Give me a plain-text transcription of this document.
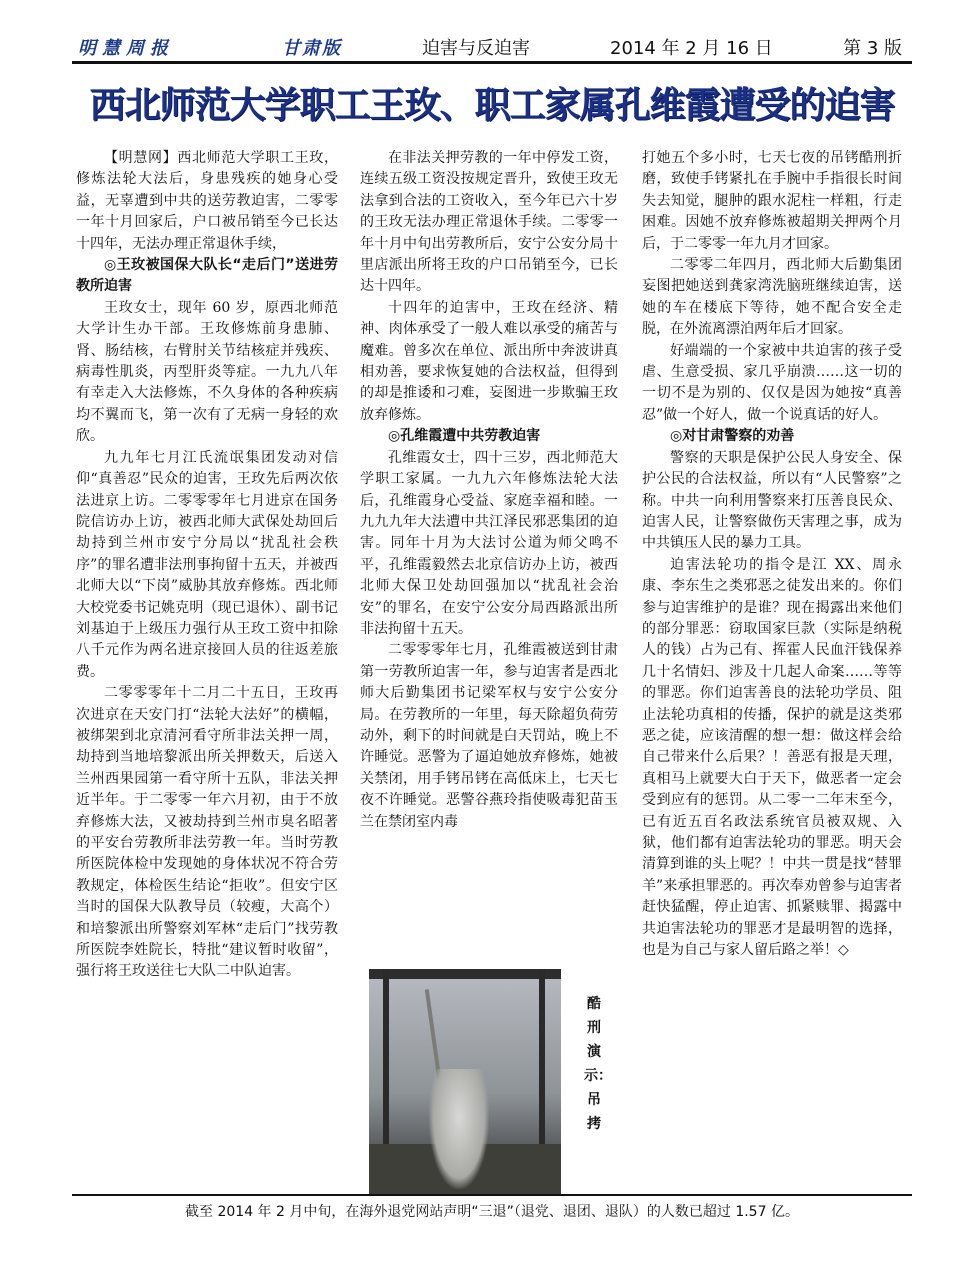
明慧周报	甘肃版	迫害与反迫害	2014 年 2 月 16 日	第 3 版
西北师范大学职工王玫、职工家属孔维霞遭受的迫害

【明慧网】西北师范大学职工王玫，修炼法轮大法后，身患残疾的她身心受益，无辜遭到中共的送劳教迫害，二零零一年十月回家后，户口被吊销至今已长达十四年，无法办理正常退休手续，

◎王玫被国保大队长“走后门”送进劳教所迫害

王玫女士，现年 60 岁，原西北师范大学计生办干部。王玫修炼前身患肺、肾、肠结核，右臂肘关节结核症并残疾、病毒性肌炎，丙型肝炎等症。一九九八年有幸走入大法修炼，不久身体的各种疾病均不翼而飞，第一次有了无病一身轻的欢欣。

九九年七月江氏流氓集团发动对信仰“真善忍”民众的迫害，王玫先后两次依法进京上访。二零零零年七月进京在国务院信访办上访，被西北师大武保处劫回后劫持到兰州市安宁分局以“扰乱社会秩序”的罪名遭非法刑事拘留十五天，并被西北师大以“下岗”威胁其放弃修炼。西北师大校党委书记姚克明（现已退休）、副书记刘基迫于上级压力强行从王玫工资中扣除八千元作为两名进京接回人员的往返差旅费。

二零零零年十二月二十五日，王玫再次进京在天安门打“法轮大法好”的横幅，被绑架到北京清河看守所非法关押一周，劫持到当地培黎派出所关押数天，后送入兰州西果园第一看守所十五队，非法关押近半年。于二零零一年六月初，由于不放弃修炼大法，又被劫持到兰州市臭名昭著的平安台劳教所非法劳教一年。当时劳教所医院体检中发现她的身体状况不符合劳教规定，体检医生结论“拒收”。但安宁区当时的国保大队教导员（较瘦，大高个）和培黎派出所警察刘军林“走后门”找劳教所医院李姓院长，特批“建议暂时收留”，强行将王玫送往七大队二中队迫害。

在非法关押劳教的一年中停发工资，连续五级工资没按规定晋升，致使王玫无法拿到合法的工资收入，至今年已六十岁的王玫无法办理正常退休手续。二零零一年十月中旬出劳教所后，安宁公安分局十里店派出所将王玫的户口吊销至今，已长达十四年。

十四年的迫害中，王玫在经济、精神、肉体承受了一般人难以承受的痛苦与魔难。曾多次在单位、派出所中奔波讲真相劝善，要求恢复她的合法权益，但得到的却是推诿和刁难，妄图进一步欺骗王玫放弃修炼。

◎孔维霞遭中共劳教迫害

孔维霞女士，四十三岁，西北师范大学职工家属。一九九六年修炼法轮大法后，孔维霞身心受益、家庭幸福和睦。一九九九年大法遭中共江泽民邪恶集团的迫害。同年十月为大法讨公道为师父鸣不平，孔维霞毅然去北京信访办上访，被西北师大保卫处劫回强加以“扰乱社会治安”的罪名，在安宁公安分局西路派出所非法拘留十五天。

二零零零年七月，孔维霞被送到甘肃第一劳教所迫害一年，参与迫害者是西北师大后勤集团书记梁军权与安宁公安分局。在劳教所的一年里，每天除超负荷劳动外，剩下的时间就是白天罚站，晚上不许睡觉。恶警为了逼迫她放弃修炼，她被关禁闭，用手铐吊铐在高低床上，七天七夜不许睡觉。恶警谷燕玲指使吸毒犯苗玉兰在禁闭室内毒

打她五个多小时，七天七夜的吊铐酷刑折磨，致使手铐紧扎在手腕中手指很长时间失去知觉，腿肿的跟水泥柱一样粗，行走困难。因她不放弃修炼被超期关押两个月后，于二零零一年九月才回家。

二零零二年四月，西北师大后勤集团妄图把她送到龚家湾洗脑班继续迫害，送她的车在楼底下等待，她不配合安全走脱，在外流离漂泊两年后才回家。

好端端的一个家被中共迫害的孩子受虐、生意受损、家几乎崩溃……这一切的一切不是为别的、仅仅是因为她按“真善忍”做一个好人，做一个说真话的好人。

◎对甘肃警察的劝善

警察的天职是保护公民人身安全、保护公民的合法权益，所以有“人民警察”之称。中共一向利用警察来打压善良民众、迫害人民，让警察做伤天害理之事，成为中共镇压人民的暴力工具。

迫害法轮功的指令是江 XX、周永康、李东生之类邪恶之徒发出来的。你们参与迫害维护的是谁？现在揭露出来他们的部分罪恶：窃取国家巨款（实际是纳税人的钱）占为己有、挥霍人民血汗钱保养几十名情妇、涉及十几起人命案……等等的罪恶。你们迫害善良的法轮功学员、阻止法轮功真相的传播，保护的就是这类邪恶之徒，应该清醒的想一想：做这样会给自己带来什么后果？！善恶有报是天理，真相马上就要大白于天下，做恶者一定会受到应有的惩罚。从二零一二年末至今，已有近五百名政法系统官员被双规、入狱，他们都有迫害法轮功的罪恶。明天会清算到谁的头上呢？！中共一贯是找“替罪羊”来承担罪恶的。再次奉劝曾参与迫害者赶快猛醒，停止迫害、抓紧赎罪、揭露中共迫害法轮功的罪恶才是最明智的选择，也是为自己与家人留后路之举！◇

酷刑演示：吊拷
截至 2014 年 2 月中旬，在海外退党网站声明“三退”（退党、退团、退队）的人数已超过 1.57 亿。
